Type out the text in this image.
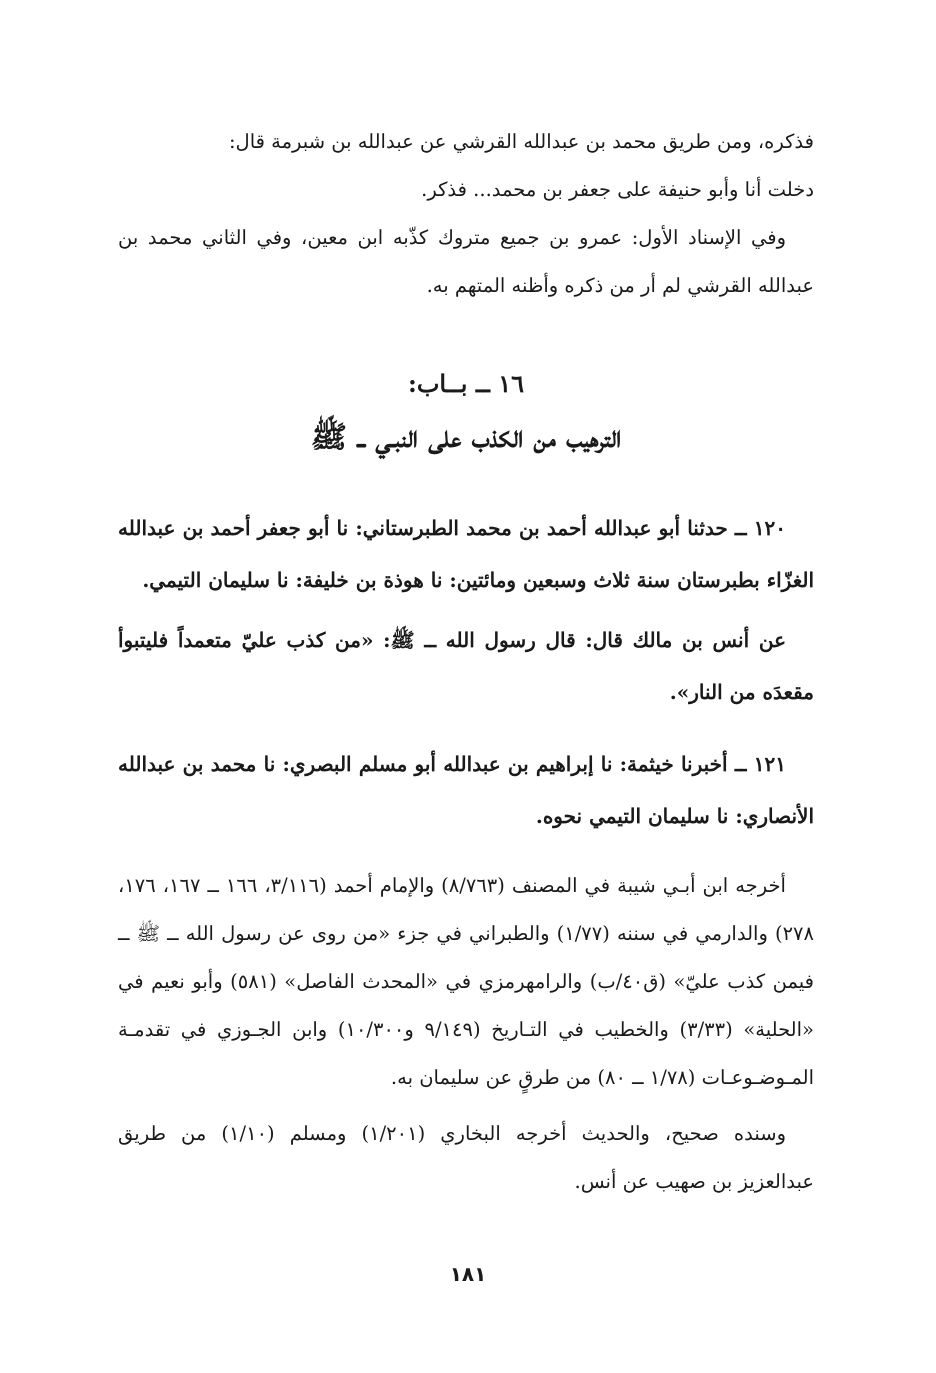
فذكره، ومن طريق محمد بن عبدالله القرشي عن عبدالله بن شبرمة قال:

دخلت أنا وأبو حنيفة على جعفر بن محمد... فذكر.

وفي الإسناد الأول: عمرو بن جميع متروك كذّبه ابن معين، وفي الثاني محمد بن عبدالله القرشي لم أر من ذكره وأظنه المتهم به.

١٦ ــ بــاب:

الترهيب من الكذب على النبـي ــ ﷺ

١٢٠ ــ حدثنا أبو عبدالله أحمد بن محمد الطبرستاني: نا أبو جعفر أحمد بن عبدالله الغزّاء بطبرستان سنة ثلاث وسبعين ومائتين: نا هوذة بن خليفة: نا سليمان التيمي.

عن أنس بن مالك قال: قال رسول الله ــ ﷺ: «من كذب عليّ متعمداً فليتبوأ مقعدَه من النار».

١٢١ ــ أخبرنا خيثمة: نا إبراهيم بن عبدالله أبو مسلم البصري: نا محمد بن عبدالله الأنصاري: نا سليمان التيمي نحوه.

أخرجه ابن أبـي شيبة في المصنف (٨/٧٦٣) والإمام أحمد (٣/١١٦، ١٦٦ ــ ١٦٧، ١٧٦، ٢٧٨) والدارمي في سننه (١/٧٧) والطبراني في جزء «من روى عن رسول الله ــ ﷺ ــ فيمن كذب عليّ» (ق٤٠/ب) والرامهرمزي في «المحدث الفاصل» (٥٨١) وأبو نعيم في «الحلية» (٣/٣٣) والخطيب في التـاريخ (٩/١٤٩ و١٠/٣٠٠) وابن الجـوزي في تقدمـة المـوضـوعـات (١/٧٨ ــ ٨٠) من طرقٍ عن سليمان به.

وسنده صحيح، والحديث أخرجه البخاري (١/٢٠١) ومسلم (١/١٠) من طريق عبدالعزيز بن صهيب عن أنس.

١٨١
